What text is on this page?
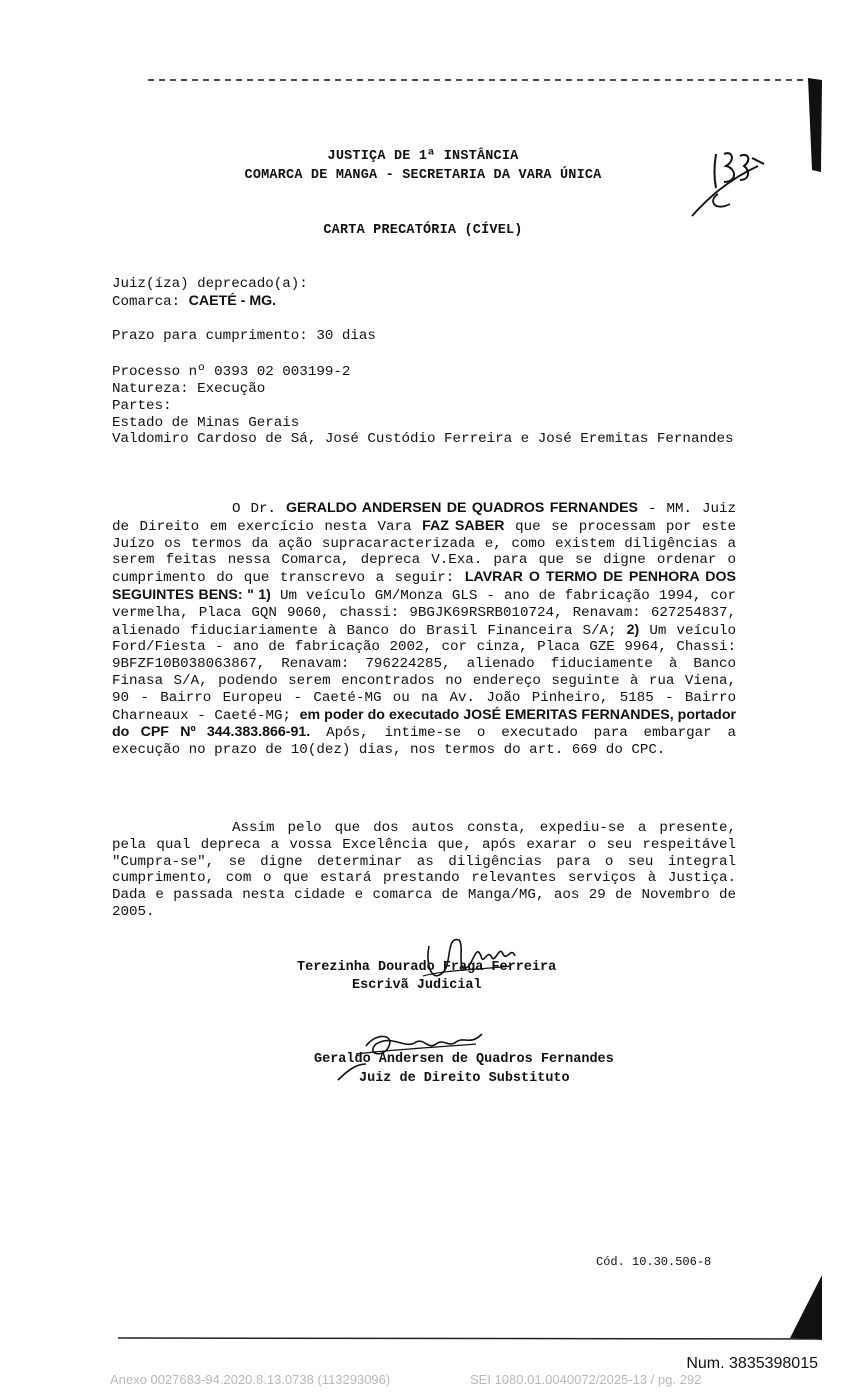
JUSTIÇA DE 1ª INSTÂNCIA
COMARCA DE MANGA - SECRETARIA DA VARA ÚNICA
CARTA PRECATÓRIA (CÍVEL)
Juiz(íza) deprecado(a):
Comarca: CAETÉ - MG.
Prazo para cumprimento: 30 dias
Processo nº 0393 02 003199-2
Natureza: Execução
Partes:
Estado de Minas Gerais
Valdomiro Cardoso de Sá, José Custódio Ferreira e José Eremitas Fernandes
O Dr. GERALDO ANDERSEN DE QUADROS FERNANDES - MM. Juiz de Direito em exercício nesta Vara FAZ SABER que se processam por este Juízo os termos da ação supracaracterizada e, como existem diligências a serem feitas nessa Comarca, depreca V.Exa. para que se digne ordenar o cumprimento do que transcrevo a seguir: LAVRAR O TERMO DE PENHORA DOS SEGUINTES BENS: " 1) Um veículo GM/Monza GLS - ano de fabricação 1994, cor vermelha, Placa GQN 9060, chassi: 9BGJK69RSRB010724, Renavam: 627254837, alienado fiduciariamente à Banco do Brasil Financeira S/A; 2) Um veículo Ford/Fiesta - ano de fabricação 2002, cor cinza, Placa GZE 9964, Chassi: 9BFZF10B038063867, Renavam: 796224285, alienado fiduciamente à Banco Finasa S/A, podendo serem encontrados no endereço seguinte à rua Viena, 90 - Bairro Europeu - Caeté-MG ou na Av. João Pinheiro, 5185 - Bairro Charneaux - Caeté-MG; em poder do executado JOSÉ EMERITAS FERNANDES, portador do CPF Nº 344.383.866-91. Após, intime-se o executado para embargar a execução no prazo de 10(dez) dias, nos termos do art. 669 do CPC.
Assim pelo que dos autos consta, expediu-se a presente, pela qual depreca a vossa Excelência que, após exarar o seu respeitável "Cumpra-se", se digne determinar as diligências para o seu integral cumprimento, com o que estará prestando relevantes serviços à Justiça. Dada e passada nesta cidade e comarca de Manga/MG, aos 29 de Novembro de 2005.
Terezinha Dourado Fraga Ferreira
Escrivã Judicial
Geraldo Andersen de Quadros Fernandes
Juiz de Direito Substituto
Cód. 10.30.506-8
Num. 3835398015
Anexo 0027683-94.2020.8.13.0738 (113293096)	SEI 1080.01.0040072/2025-13 / pg. 292
